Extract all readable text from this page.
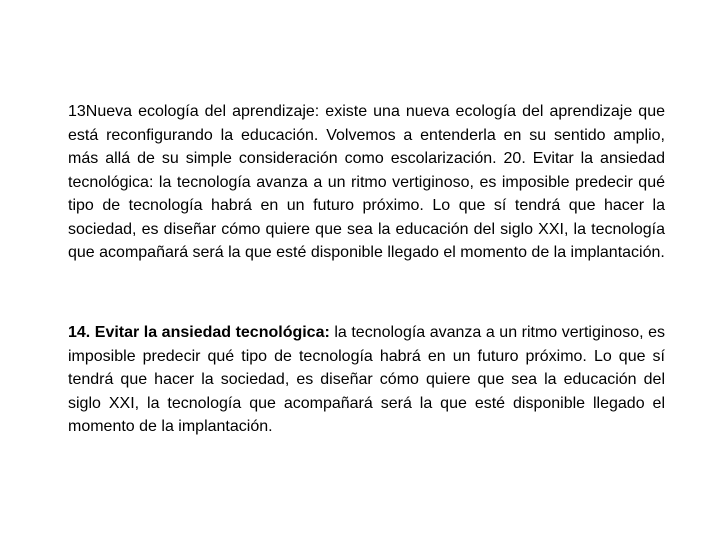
13Nueva ecología del aprendizaje: existe una nueva ecología del aprendizaje que está reconfigurando la educación. Volvemos a entenderla en su sentido amplio, más allá de su simple consideración como escolarización. 20. Evitar la ansiedad tecnológica: la tecnología avanza a un ritmo vertiginoso, es imposible predecir qué tipo de tecnología habrá en un futuro próximo. Lo que sí tendrá que hacer la sociedad, es diseñar cómo quiere que sea la educación del siglo XXI, la tecnología que acompañará será la que esté disponible llegado el momento de la implantación.

14. Evitar la ansiedad tecnológica: la tecnología avanza a un ritmo vertiginoso, es imposible predecir qué tipo de tecnología habrá en un futuro próximo. Lo que sí tendrá que hacer la sociedad, es diseñar cómo quiere que sea la educación del siglo XXI, la tecnología que acompañará será la que esté disponible llegado el momento de la implantación.
